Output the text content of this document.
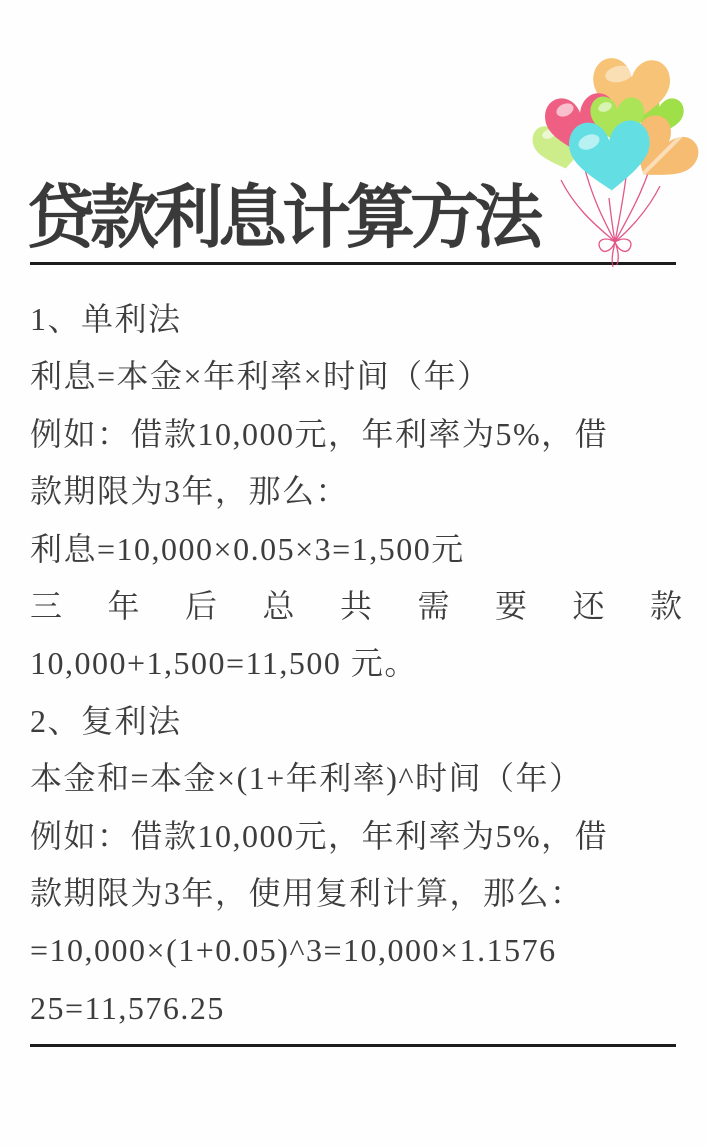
贷款利息计算方法
1、单利法
利息=本金×年利率×时间（年）
例如：借款10,000元，年利率为5%，借
款期限为3年，那么：
利息=10,000×0.05×3=1,500元
三年后总共需要还款
10,000+1,500=11,500 元。
2、复利法
本金和=本金×(1+年利率)^时间（年）
例如：借款10,000元，年利率为5%，借
款期限为3年，使用复利计算，那么：
=10,000×(1+0.05)^3=10,000×1.1576
25=11,576.25
